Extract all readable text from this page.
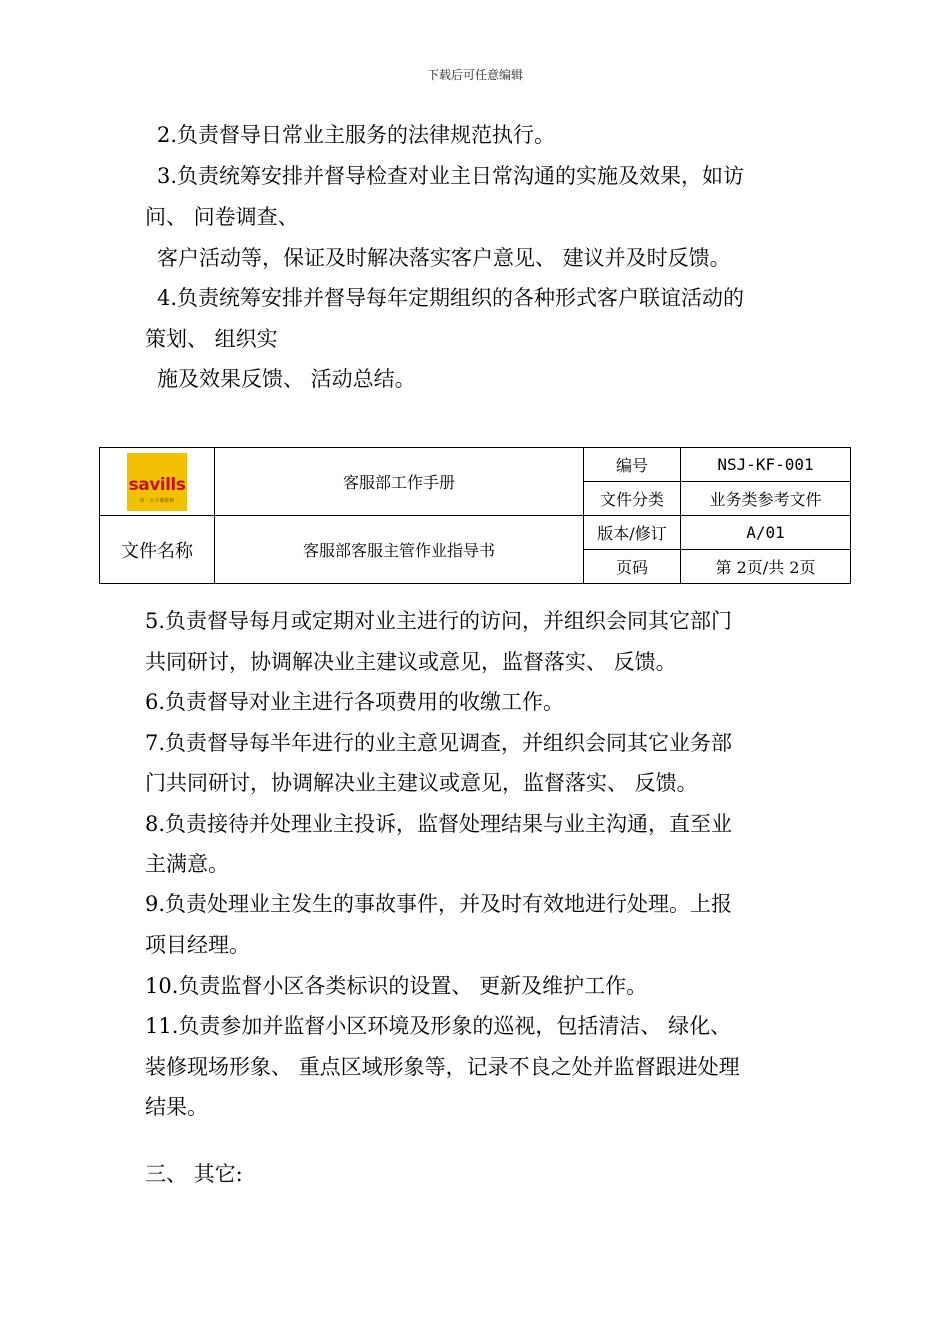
下载后可任意编辑
2.负责督导日常业主服务的法律规范执行。
3.负责统筹安排并督导检查对业主日常沟通的实施及效果，如访
问、 问卷调查、
客户活动等，保证及时解决落实客户意见、 建议并及时反馈。
4.负责统筹安排并督导每年定期组织的各种形式客户联谊活动的
策划、 组织实
施及效果反馈、 活动总结。
savills
第一太平戴维斯	客服部工作手册	编号	NSJ-KF-001
		文件分类	业务类参考文件
文件名称	客服部客服主管作业指导书	版本/修订	A/01
		页码	第 2页/共 2页
5.负责督导每月或定期对业主进行的访问，并组织会同其它部门
共同研讨，协调解决业主建议或意见，监督落实、 反馈。
6.负责督导对业主进行各项费用的收缴工作。
7.负责督导每半年进行的业主意见调查，并组织会同其它业务部
门共同研讨，协调解决业主建议或意见，监督落实、 反馈。
8.负责接待并处理业主投诉，监督处理结果与业主沟通，直至业
主满意。
9.负责处理业主发生的事故事件，并及时有效地进行处理。上报
项目经理。
10.负责监督小区各类标识的设置、 更新及维护工作。
11.负责参加并监督小区环境及形象的巡视，包括清洁、 绿化、
装修现场形象、 重点区域形象等，记录不良之处并监督跟进处理
结果。
三、 其它:
